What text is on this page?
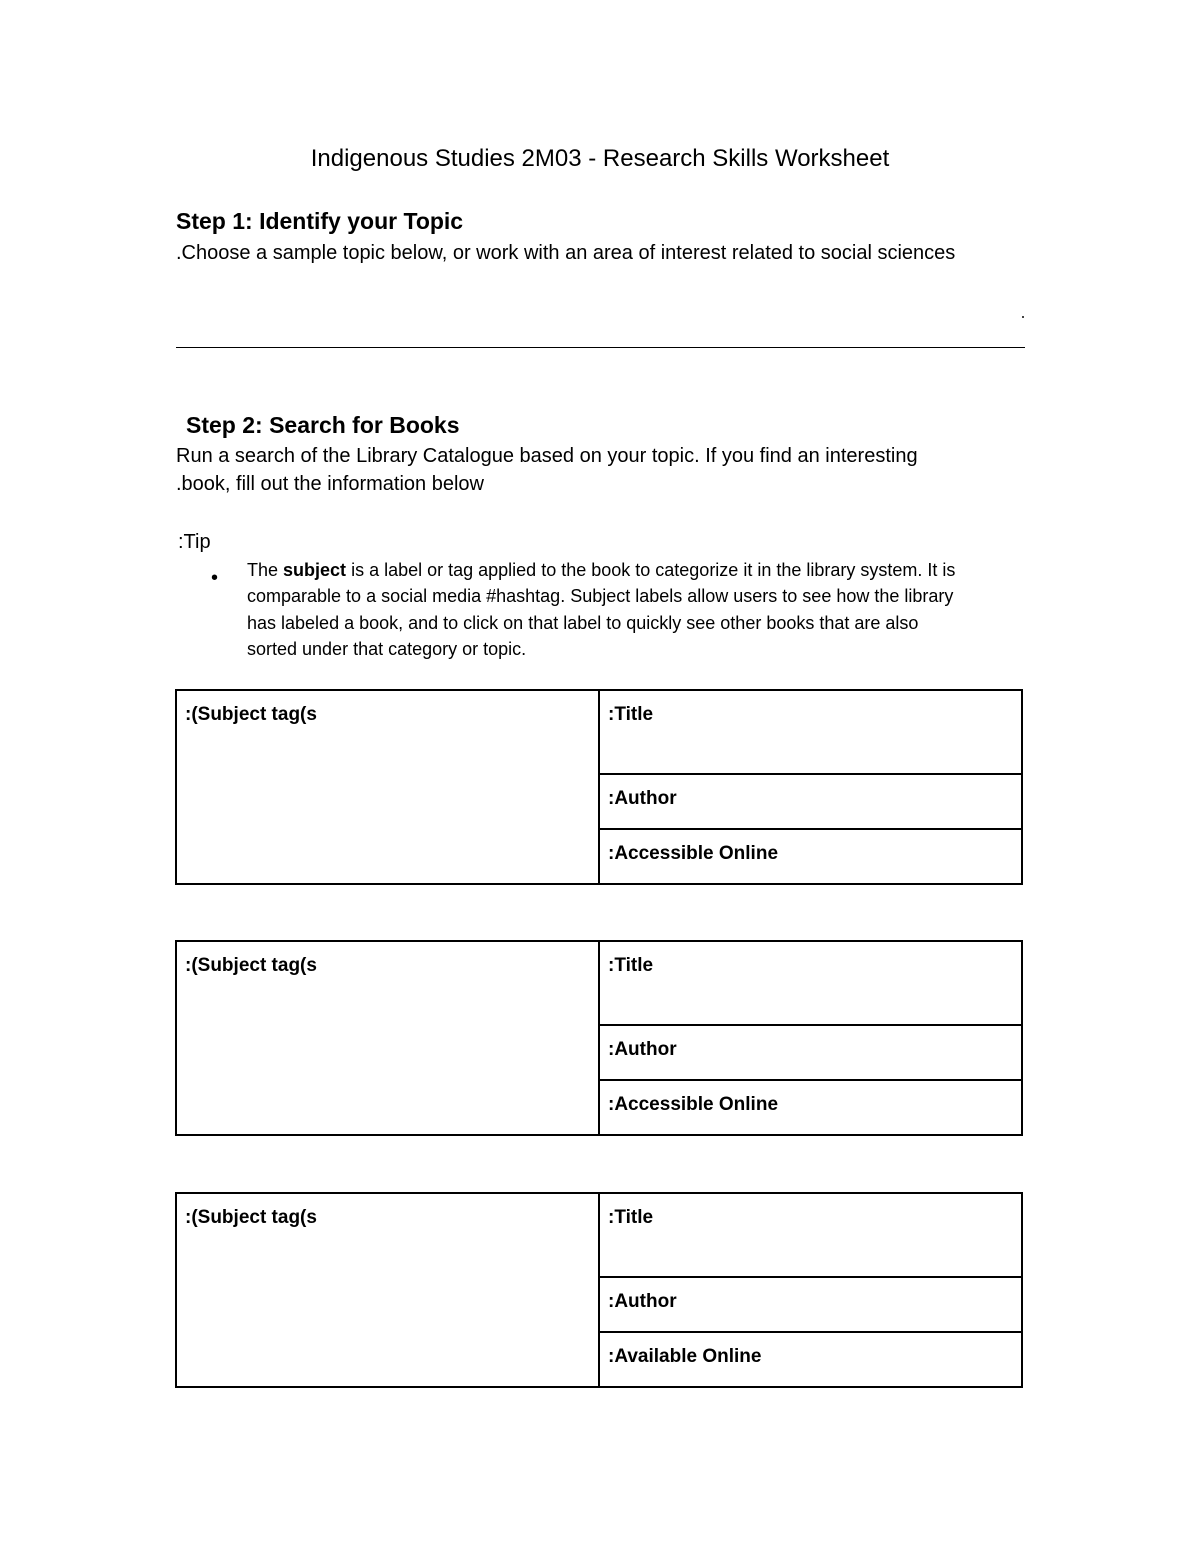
Indigenous Studies 2M03 - Research Skills Worksheet
Step 1: Identify your Topic
.Choose a sample topic below, or work with an area of interest related to social sciences
Step 2: Search for Books
Run a search of the Library Catalogue based on your topic. If you find an interesting
.book, fill out the information below
:Tip
• The subject is a label or tag applied to the book to categorize it in the library system. It is
comparable to a social media #hashtag. Subject labels allow users to see how the library
has labeled a book, and to click on that label to quickly see other books that are also
sorted under that category or topic.
:(Subject tag(s	:Title
:Author
:Accessible Online
:(Subject tag(s	:Title
:Author
:Accessible Online
:(Subject tag(s	:Title
:Author
:Available Online
